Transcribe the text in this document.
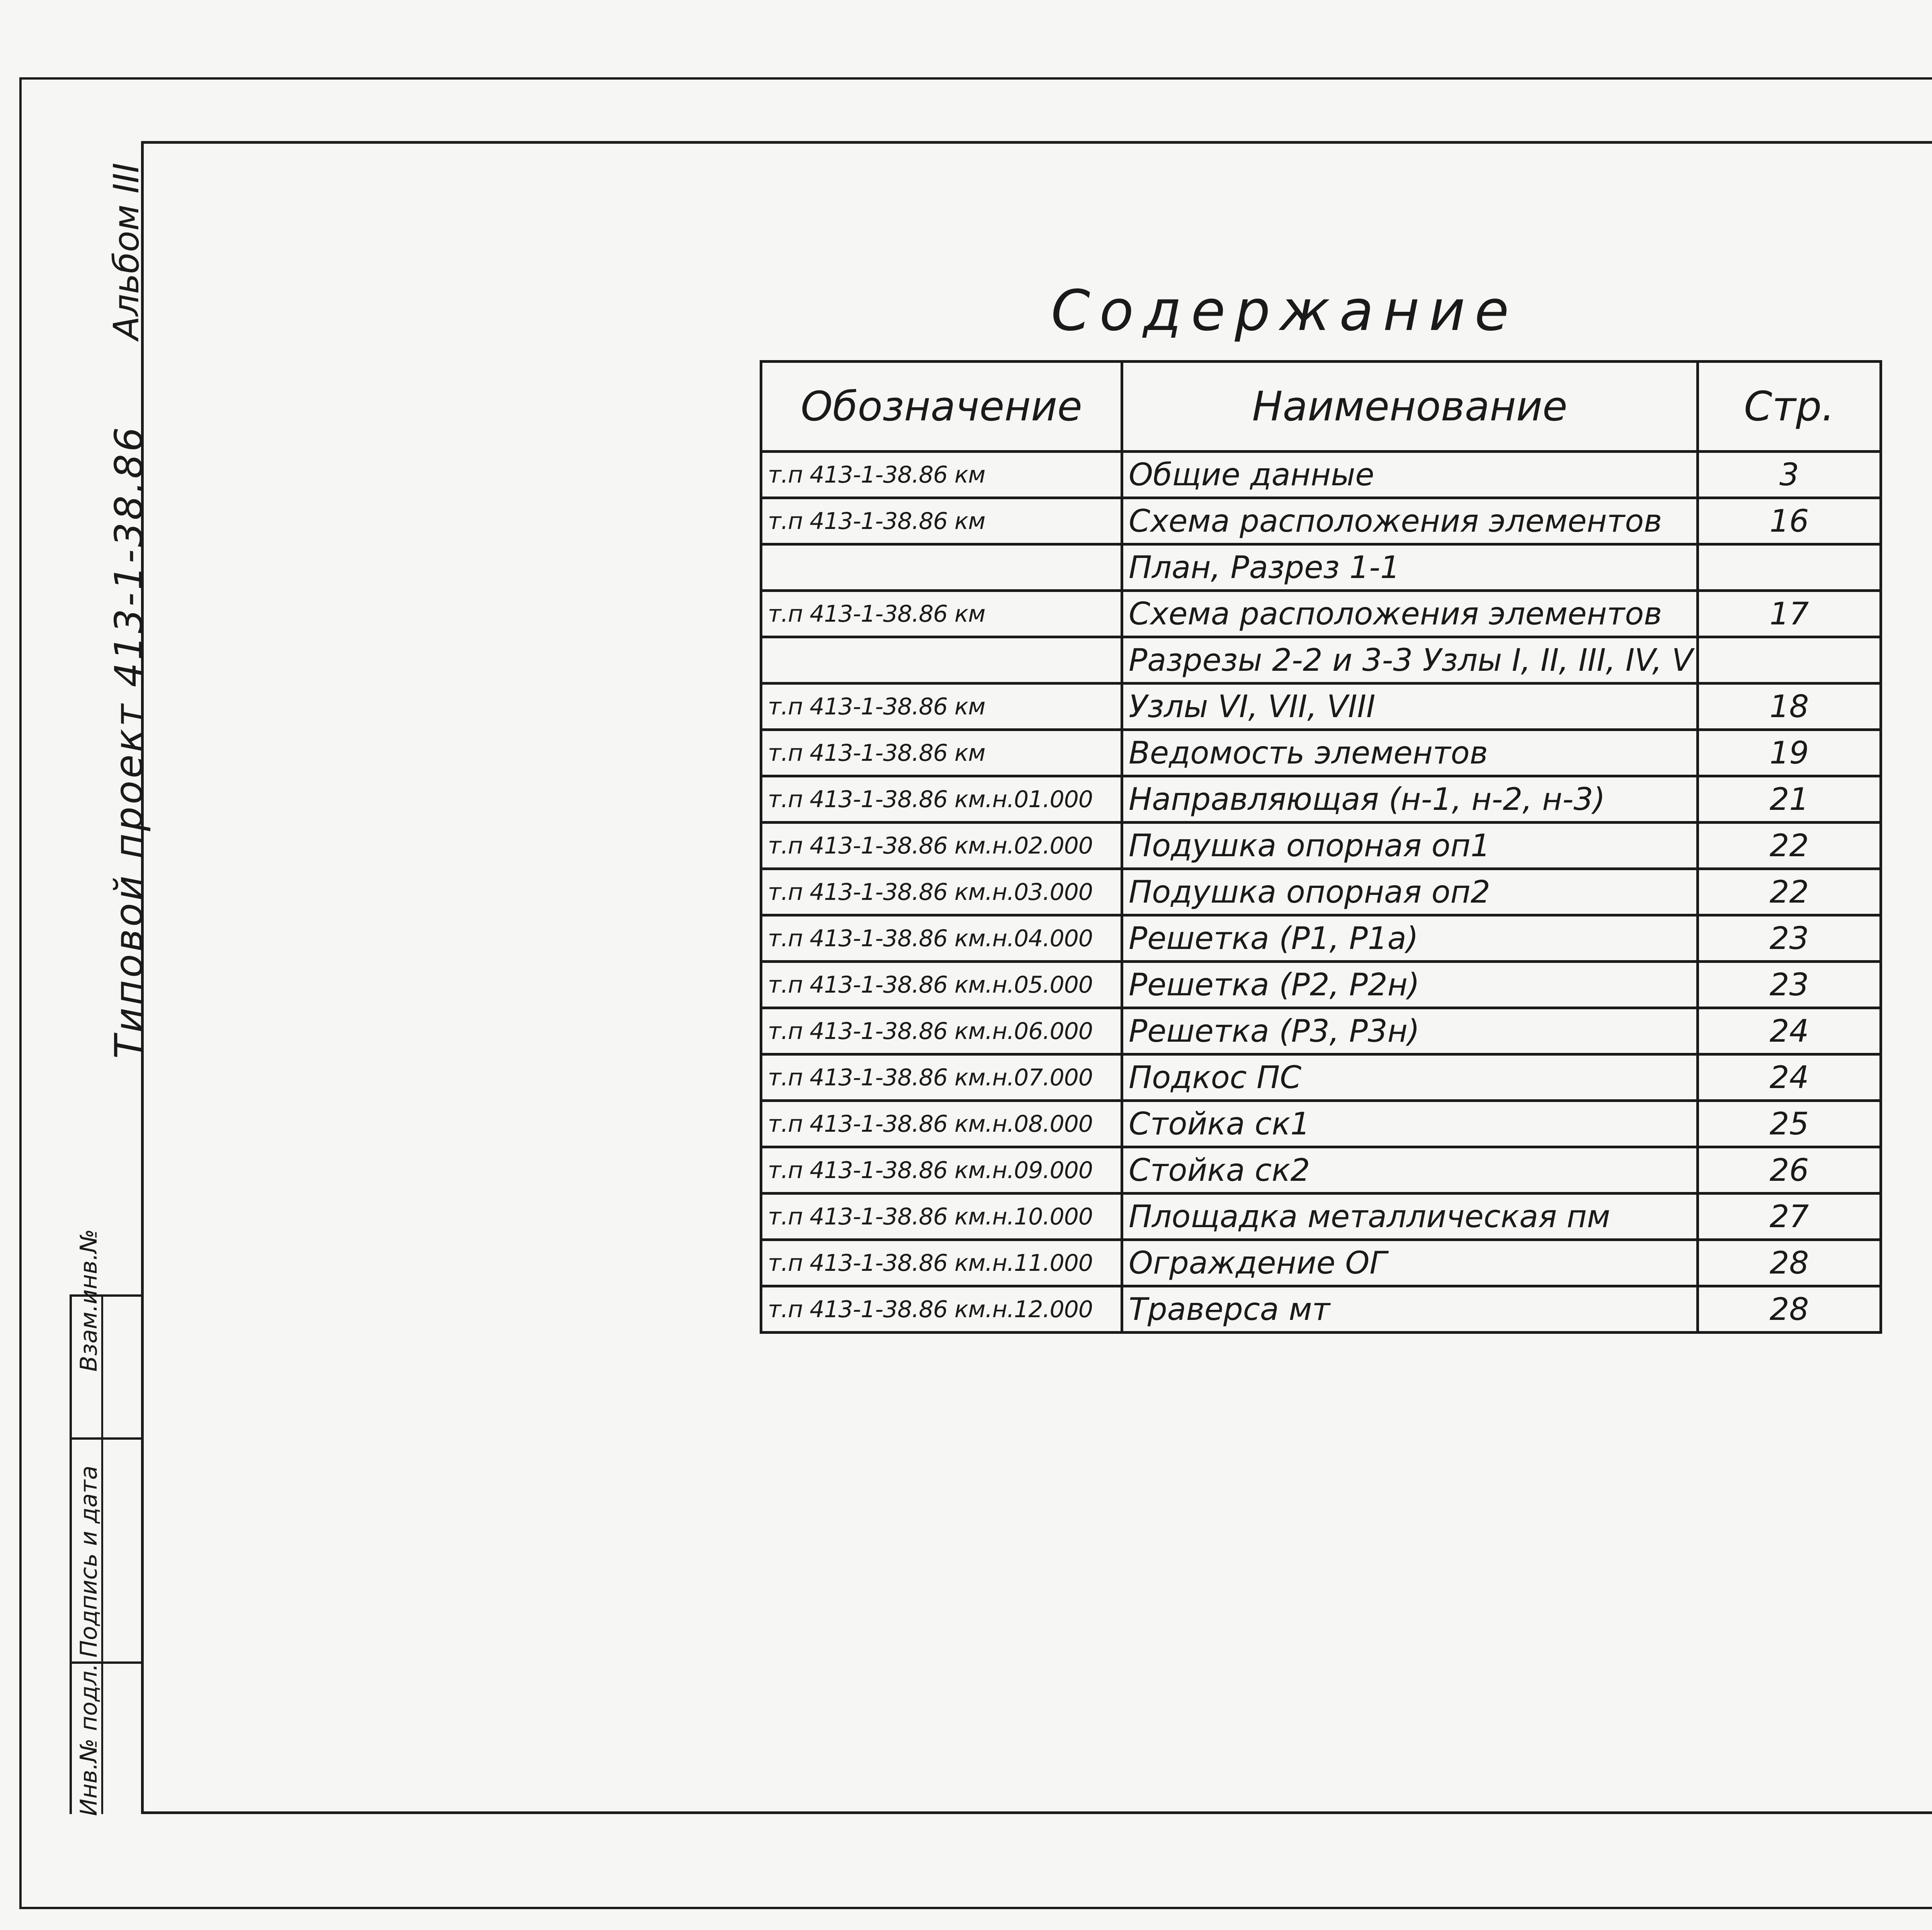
Взам.инв.№
Подпись и дата
Инв.№ подл.
Альбом III
Типовой проект 413-1-38.86
Содержание
Обозначение	Наименование	Стр.
т.п 413-1-38.86 км	Общие данные	3
т.п 413-1-38.86 км	Схема расположения элементов	16
	План, Разрез 1-1	
т.п 413-1-38.86 км	Схема расположения элементов	17
	Разрезы 2-2 и 3-3 Узлы I, II, III, IV, V	
т.п 413-1-38.86 км	Узлы VI, VII, VIII	18
т.п 413-1-38.86 км	Ведомость элементов	19
т.п 413-1-38.86 км.н.01.000	Направляющая (н-1, н-2, н-3)	21
т.п 413-1-38.86 км.н.02.000	Подушка опорная оп1	22
т.п 413-1-38.86 км.н.03.000	Подушка опорная оп2	22
т.п 413-1-38.86 км.н.04.000	Решетка (Р1, Р1а)	23
т.п 413-1-38.86 км.н.05.000	Решетка (Р2, Р2н)	23
т.п 413-1-38.86 км.н.06.000	Решетка (Р3, Р3н)	24
т.п 413-1-38.86 км.н.07.000	Подкос ПС	24
т.п 413-1-38.86 км.н.08.000	Стойка ск1	25
т.п 413-1-38.86 км.н.09.000	Стойка ск2	26
т.п 413-1-38.86 км.н.10.000	Площадка металлическая пм	27
т.п 413-1-38.86 км.н.11.000	Ограждение ОГ	28
т.п 413-1-38.86 км.н.12.000	Траверса мт	28
